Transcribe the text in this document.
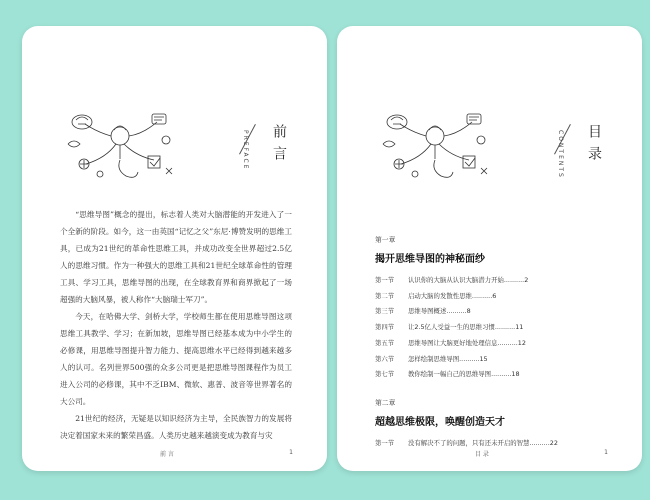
PREFACE 前言

“思维导图”概念的提出，标志着人类对大脑潜能的开发进入了一个全新的阶段。如今，这一由英国“记忆之父”东尼·博赞发明的思维工具，已成为21世纪的革命性思维工具，并成功改变全世界超过2.5亿人的思维习惯。作为一种强大的思维工具和21世纪全球革命性的管理工具、学习工具，思维导图的出现，在全球教育界和商界掀起了一场超强的大脑风暴，被人称作“大脑瑞士军刀”。

今天，在哈佛大学、剑桥大学，学校师生都在使用思维导图这项思维工具教学、学习；在新加坡，思维导图已经基本成为中小学生的必修课，用思维导图提升智力能力、提高思维水平已经得到越来越多人的认可。名列世界500强的众多公司更是把思维导图课程作为员工进入公司的必修课，其中不乏IBM、微软、惠普、波音等世界著名的大公司。

21世纪的经济，无疑是以知识经济为主导，全民族智力的发展将决定着国家未来的繁荣昌盛。人类历史越来越演变成为教育与灾

前 言	1
CONTENTS 目录
第一章
揭开思维导图的神秘面纱
第一节	认识你的大脑从认识大脑潜力开始 .......... 2
第二节	启动大脑的发散性思维 .......... 6
第三节	思维导图概述 .......... 8
第四节	让2.5亿人受益一生的思维习惯 .......... 11
第五节	思维导图让大脑更好地处理信息 .......... 12
第六节	怎样绘制思维导图 .......... 15
第七节	教你绘制一幅自己的思维导图 .......... 18
第二章
超越思维极限，唤醒创造天才
第一节	没有解决不了的问题，只有还未开启的智慧 .......... 22
目 录	1
